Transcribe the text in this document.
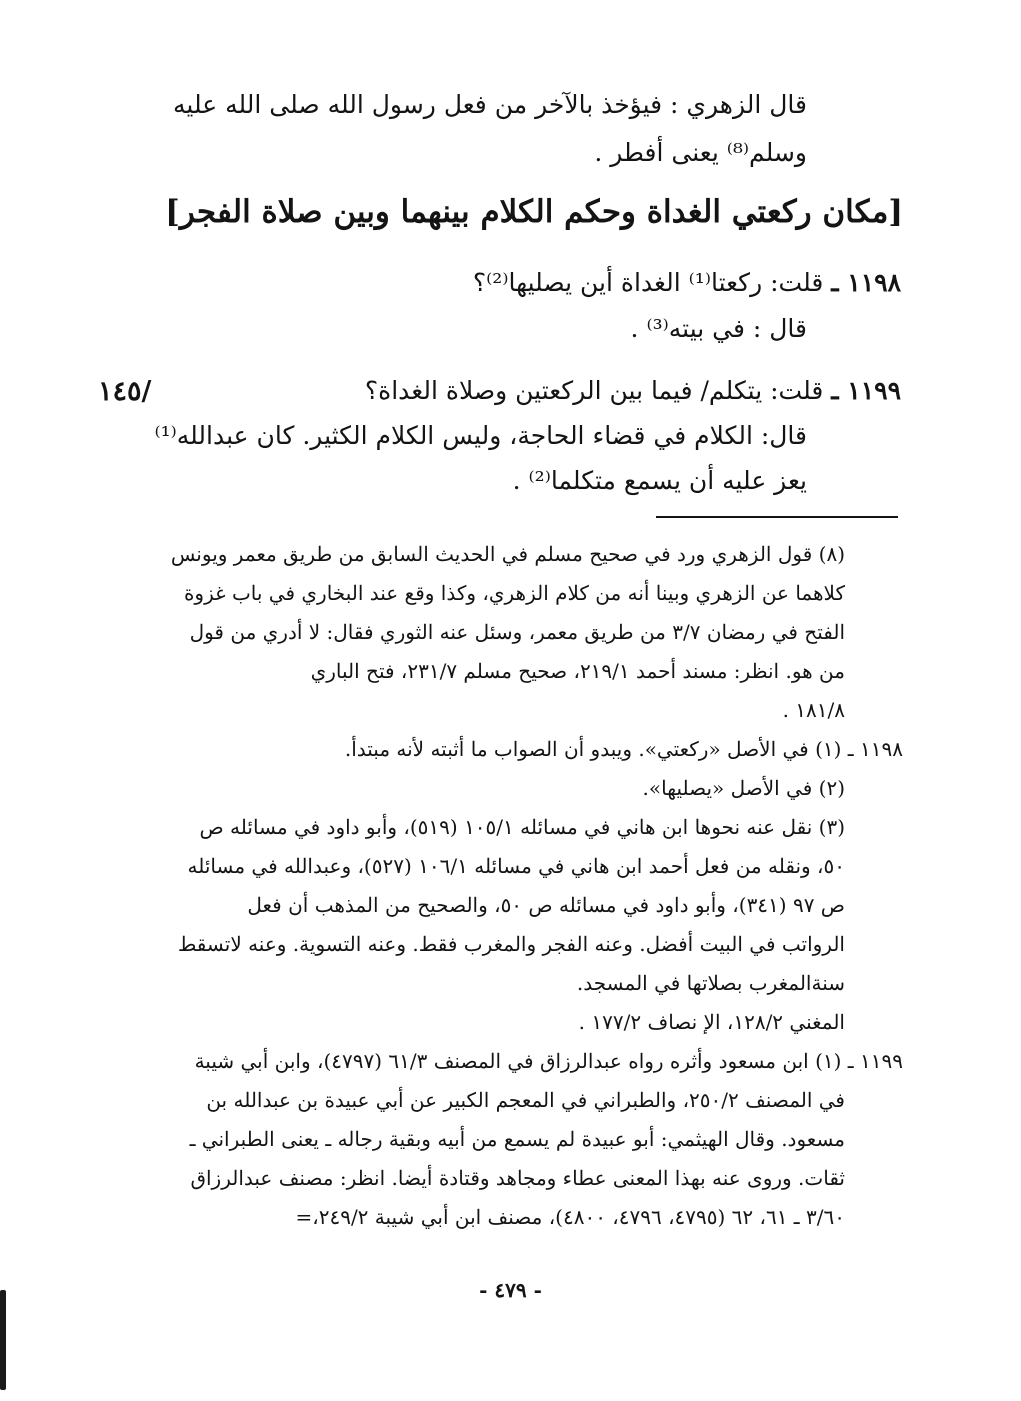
قال الزهري : فيؤخذ بالآخر من فعل رسول الله صلى الله عليه
وسلم⁽⁸⁾ يعنى أفطر .
[مكان ركعتي الغداة وحكم الكلام بينهما وبين صلاة الفجر]
١١٩٨ ـ قلت: ركعتا⁽¹⁾ الغداة أين يصليها⁽²⁾؟
قال : في بيته⁽³⁾ .
١١٩٩ ـ قلت: يتكلم/ فيما بين الركعتين وصلاة الغداة؟
قال: الكلام في قضاء الحاجة، وليس الكلام الكثير. كان عبدالله⁽¹⁾
يعز عليه أن يسمع متكلما⁽²⁾ .
/١٤٥
(٨) قول الزهري ورد في صحيح مسلم في الحديث السابق من طريق معمر ويونس
كلاهما عن الزهري وبينا أنه من كلام الزهري، وكذا وقع عند البخاري في باب غزوة
الفتح في رمضان ٣/٧ من طريق معمر، وسئل عنه الثوري فقال: لا أدري من قول
من هو. انظر: مسند أحمد ٢١٩/١، صحيح مسلم ٢٣١/٧، فتح الباري
١٨١/٨ .
١١٩٨ ـ (١) في الأصل «ركعتي». ويبدو أن الصواب ما أثبته لأنه مبتدأ.
(٢) في الأصل «يصليها».
(٣) نقل عنه نحوها ابن هاني في مسائله ١٠٥/١ (٥١٩)، وأبو داود في مسائله ص
٥٠، ونقله من فعل أحمد ابن هاني في مسائله ١٠٦/١ (٥٢٧)، وعبدالله في مسائله
ص ٩٧ (٣٤١)، وأبو داود في مسائله ص ٥٠، والصحيح من المذهب أن فعل
الرواتب في البيت أفضل. وعنه الفجر والمغرب فقط. وعنه التسوية. وعنه لاتسقط
سنةالمغرب بصلاتها في المسجد.
المغني ١٢٨/٢، الإ نصاف ١٧٧/٢ .
١١٩٩ ـ (١) ابن مسعود وأثره رواه عبدالرزاق في المصنف ٦١/٣ (٤٧٩٧)، وابن أبي شيبة
في المصنف ٢٥٠/٢، والطبراني في المعجم الكبير عن أبي عبيدة بن عبدالله بن
مسعود. وقال الهيثمي: أبو عبيدة لم يسمع من أبيه وبقية رجاله ـ يعنى الطبراني ـ
ثقات. وروى عنه بهذا المعنى عطاء ومجاهد وقتادة أيضا. انظر: مصنف عبدالرزاق
٣/٦٠ ـ ٦١، ٦٢ (٤٧٩٥، ٤٧٩٦، ٤٨٠٠)، مصنف ابن أبي شيبة ٢٤٩/٢،=
- ٤٧٩ -
